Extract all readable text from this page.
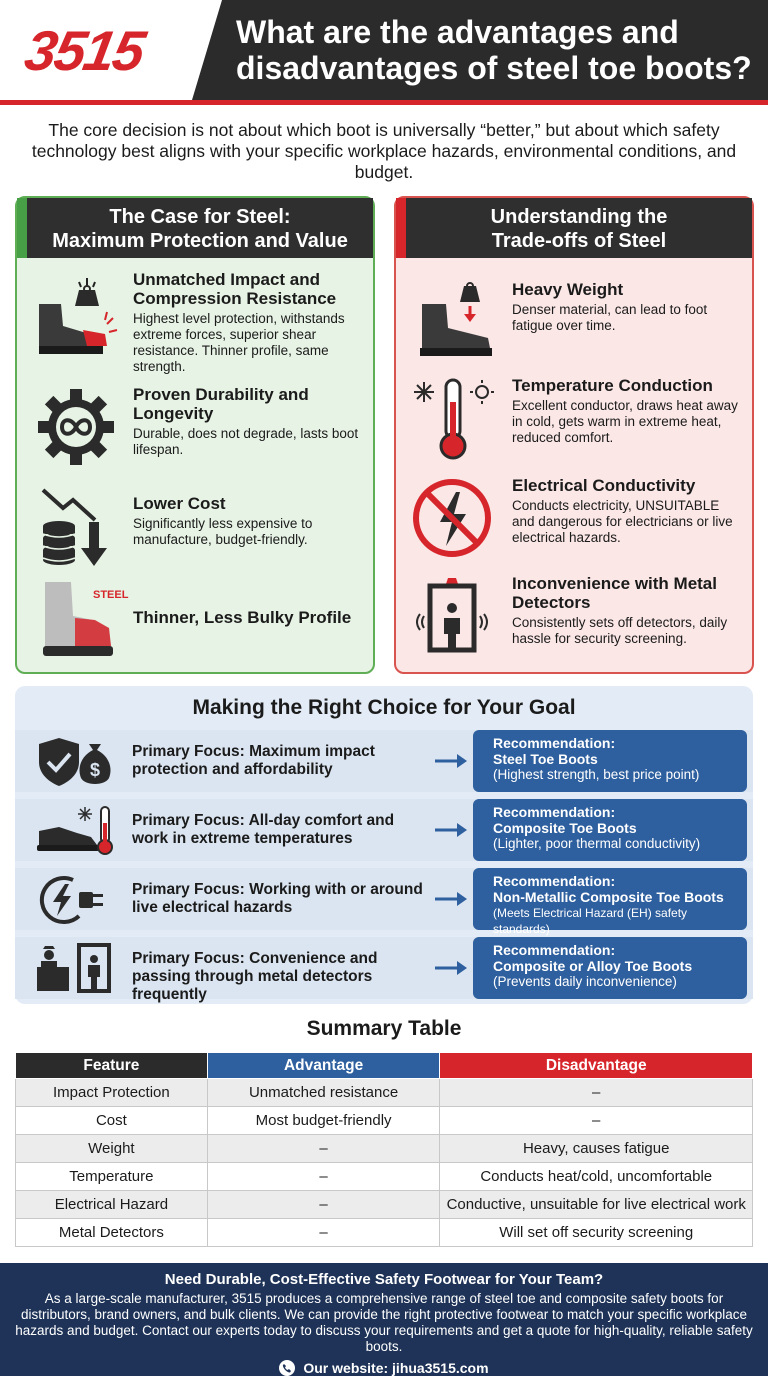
3515	What are the advantages and disadvantages of steel toe boots?
The core decision is not about which boot is universally “better,” but about which safety technology best aligns with your specific workplace hazards, environmental conditions, and budget.
The Case for Steel:
Maximum Protection and Value
Unmatched Impact and Compression Resistance
Highest level protection, withstands extreme forces, superior shear resistance. Thinner profile, same strength.
Proven Durability and Longevity
Durable, does not degrade, lasts boot lifespan.
Lower Cost
Significantly less expensive to manufacture, budget-friendly.
STEEL
Thinner, Less Bulky Profile
Understanding the
Trade-offs of Steel
Heavy Weight
Denser material, can lead to foot fatigue over time.
Temperature Conduction
Excellent conductor, draws heat away in cold, gets warm in extreme heat, reduced comfort.
Electrical Conductivity
Conducts electricity, UNSUITABLE and dangerous for electricians or live electrical hazards.
Inconvenience with Metal Detectors
Consistently sets off detectors, daily hassle for security screening.
Making the Right Choice for Your Goal
$
Primary Focus: Maximum impact protection and affordability
Recommendation:
Steel Toe Boots
(Highest strength, best price point)
Primary Focus: All-day comfort and work in extreme temperatures
Recommendation:
Composite Toe Boots
(Lighter, poor thermal conductivity)
Primary Focus: Working with or around live electrical hazards
Recommendation:
Non-Metallic Composite Toe Boots
(Meets Electrical Hazard (EH) safety standards)
Primary Focus: Convenience and passing through metal detectors frequently
Recommendation:
Composite or Alloy Toe Boots
(Prevents daily inconvenience)
Summary Table
Feature	Advantage	Disadvantage
Impact Protection	Unmatched resistance	–
Cost	Most budget-friendly	–
Weight	–	Heavy, causes fatigue
Temperature	–	Conducts heat/cold, uncomfortable
Electrical Hazard	–	Conductive, unsuitable for live electrical work
Metal Detectors	–	Will set off security screening
Need Durable, Cost-Effective Safety Footwear for Your Team?
As a large-scale manufacturer, 3515 produces a comprehensive range of steel toe and composite safety boots for distributors, brand owners, and bulk clients. We can provide the right protective footwear to match your specific workplace hazards and budget. Contact our experts today to discuss your requirements and get a quote for high-quality, reliable safety boots.
Our website: jihua3515.com
